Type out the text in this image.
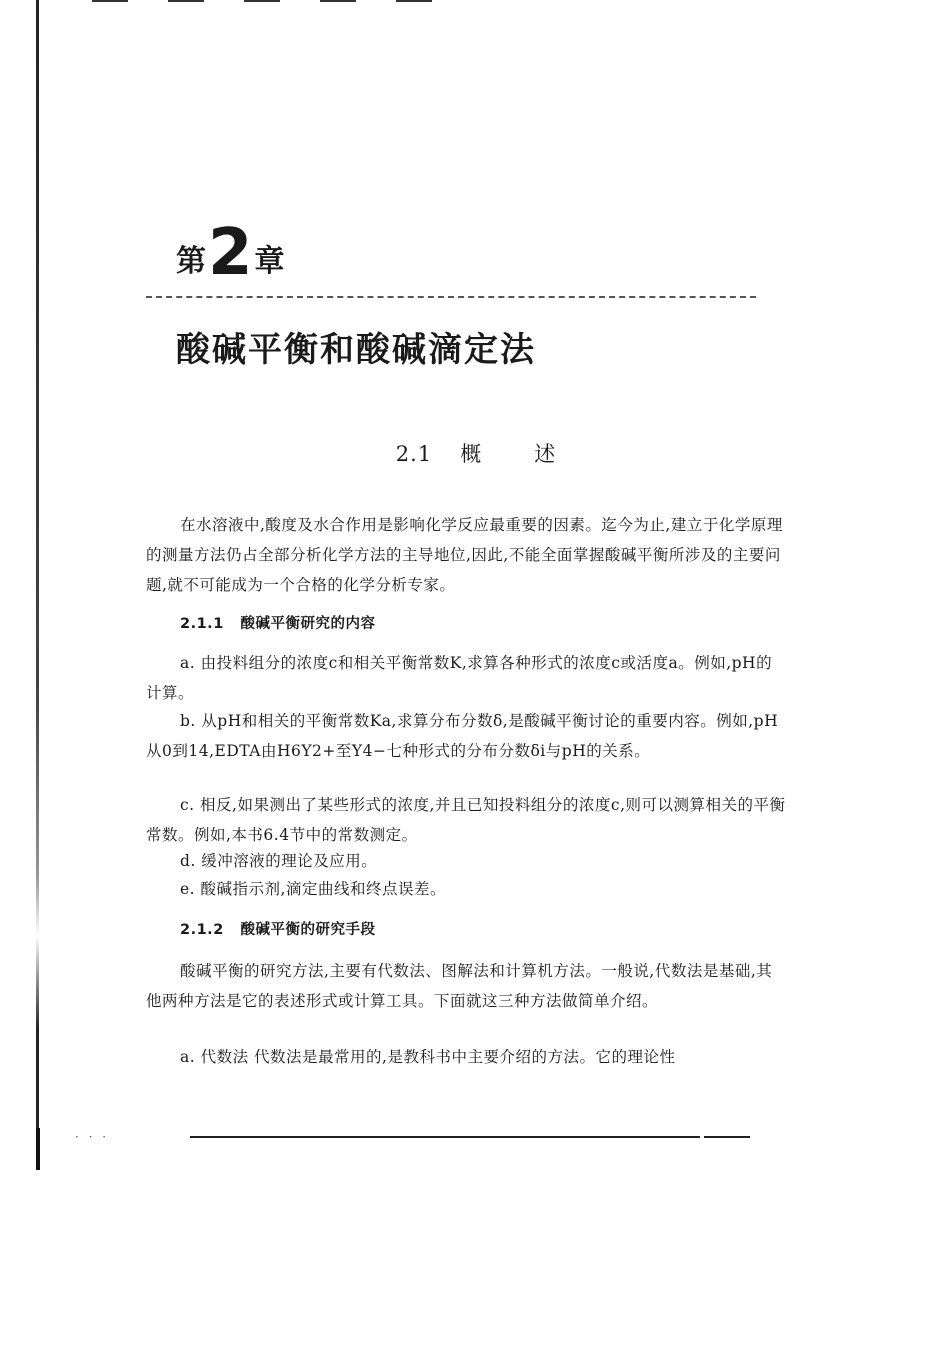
第 2 章
酸碱平衡和酸碱滴定法
2.1 概 述
在水溶液中,酸度及水合作用是影响化学反应最重要的因素。迄今为止,建立于化学原理的测量方法仍占全部分析化学方法的主导地位,因此,不能全面掌握酸碱平衡所涉及的主要问题,就不可能成为一个合格的化学分析专家。
2.1.1 酸碱平衡研究的内容
a. 由投料组分的浓度c和相关平衡常数K,求算各种形式的浓度c或活度a。例如,pH的计算。
b. 从pH和相关的平衡常数Ka,求算分布分数δ,是酸碱平衡讨论的重要内容。例如,pH从0到14,EDTA由H6Y2+至Y4−七种形式的分布分数δi与pH的关系。
c. 相反,如果测出了某些形式的浓度,并且已知投料组分的浓度c,则可以测算相关的平衡常数。例如,本书6.4节中的常数测定。
d. 缓冲溶液的理论及应用。
e. 酸碱指示剂,滴定曲线和终点误差。
2.1.2 酸碱平衡的研究手段
酸碱平衡的研究方法,主要有代数法、图解法和计算机方法。一般说,代数法是基础,其他两种方法是它的表述形式或计算工具。下面就这三种方法做简单介绍。
a. 代数法 代数法是最常用的,是教科书中主要介绍的方法。它的理论性
· · ·
